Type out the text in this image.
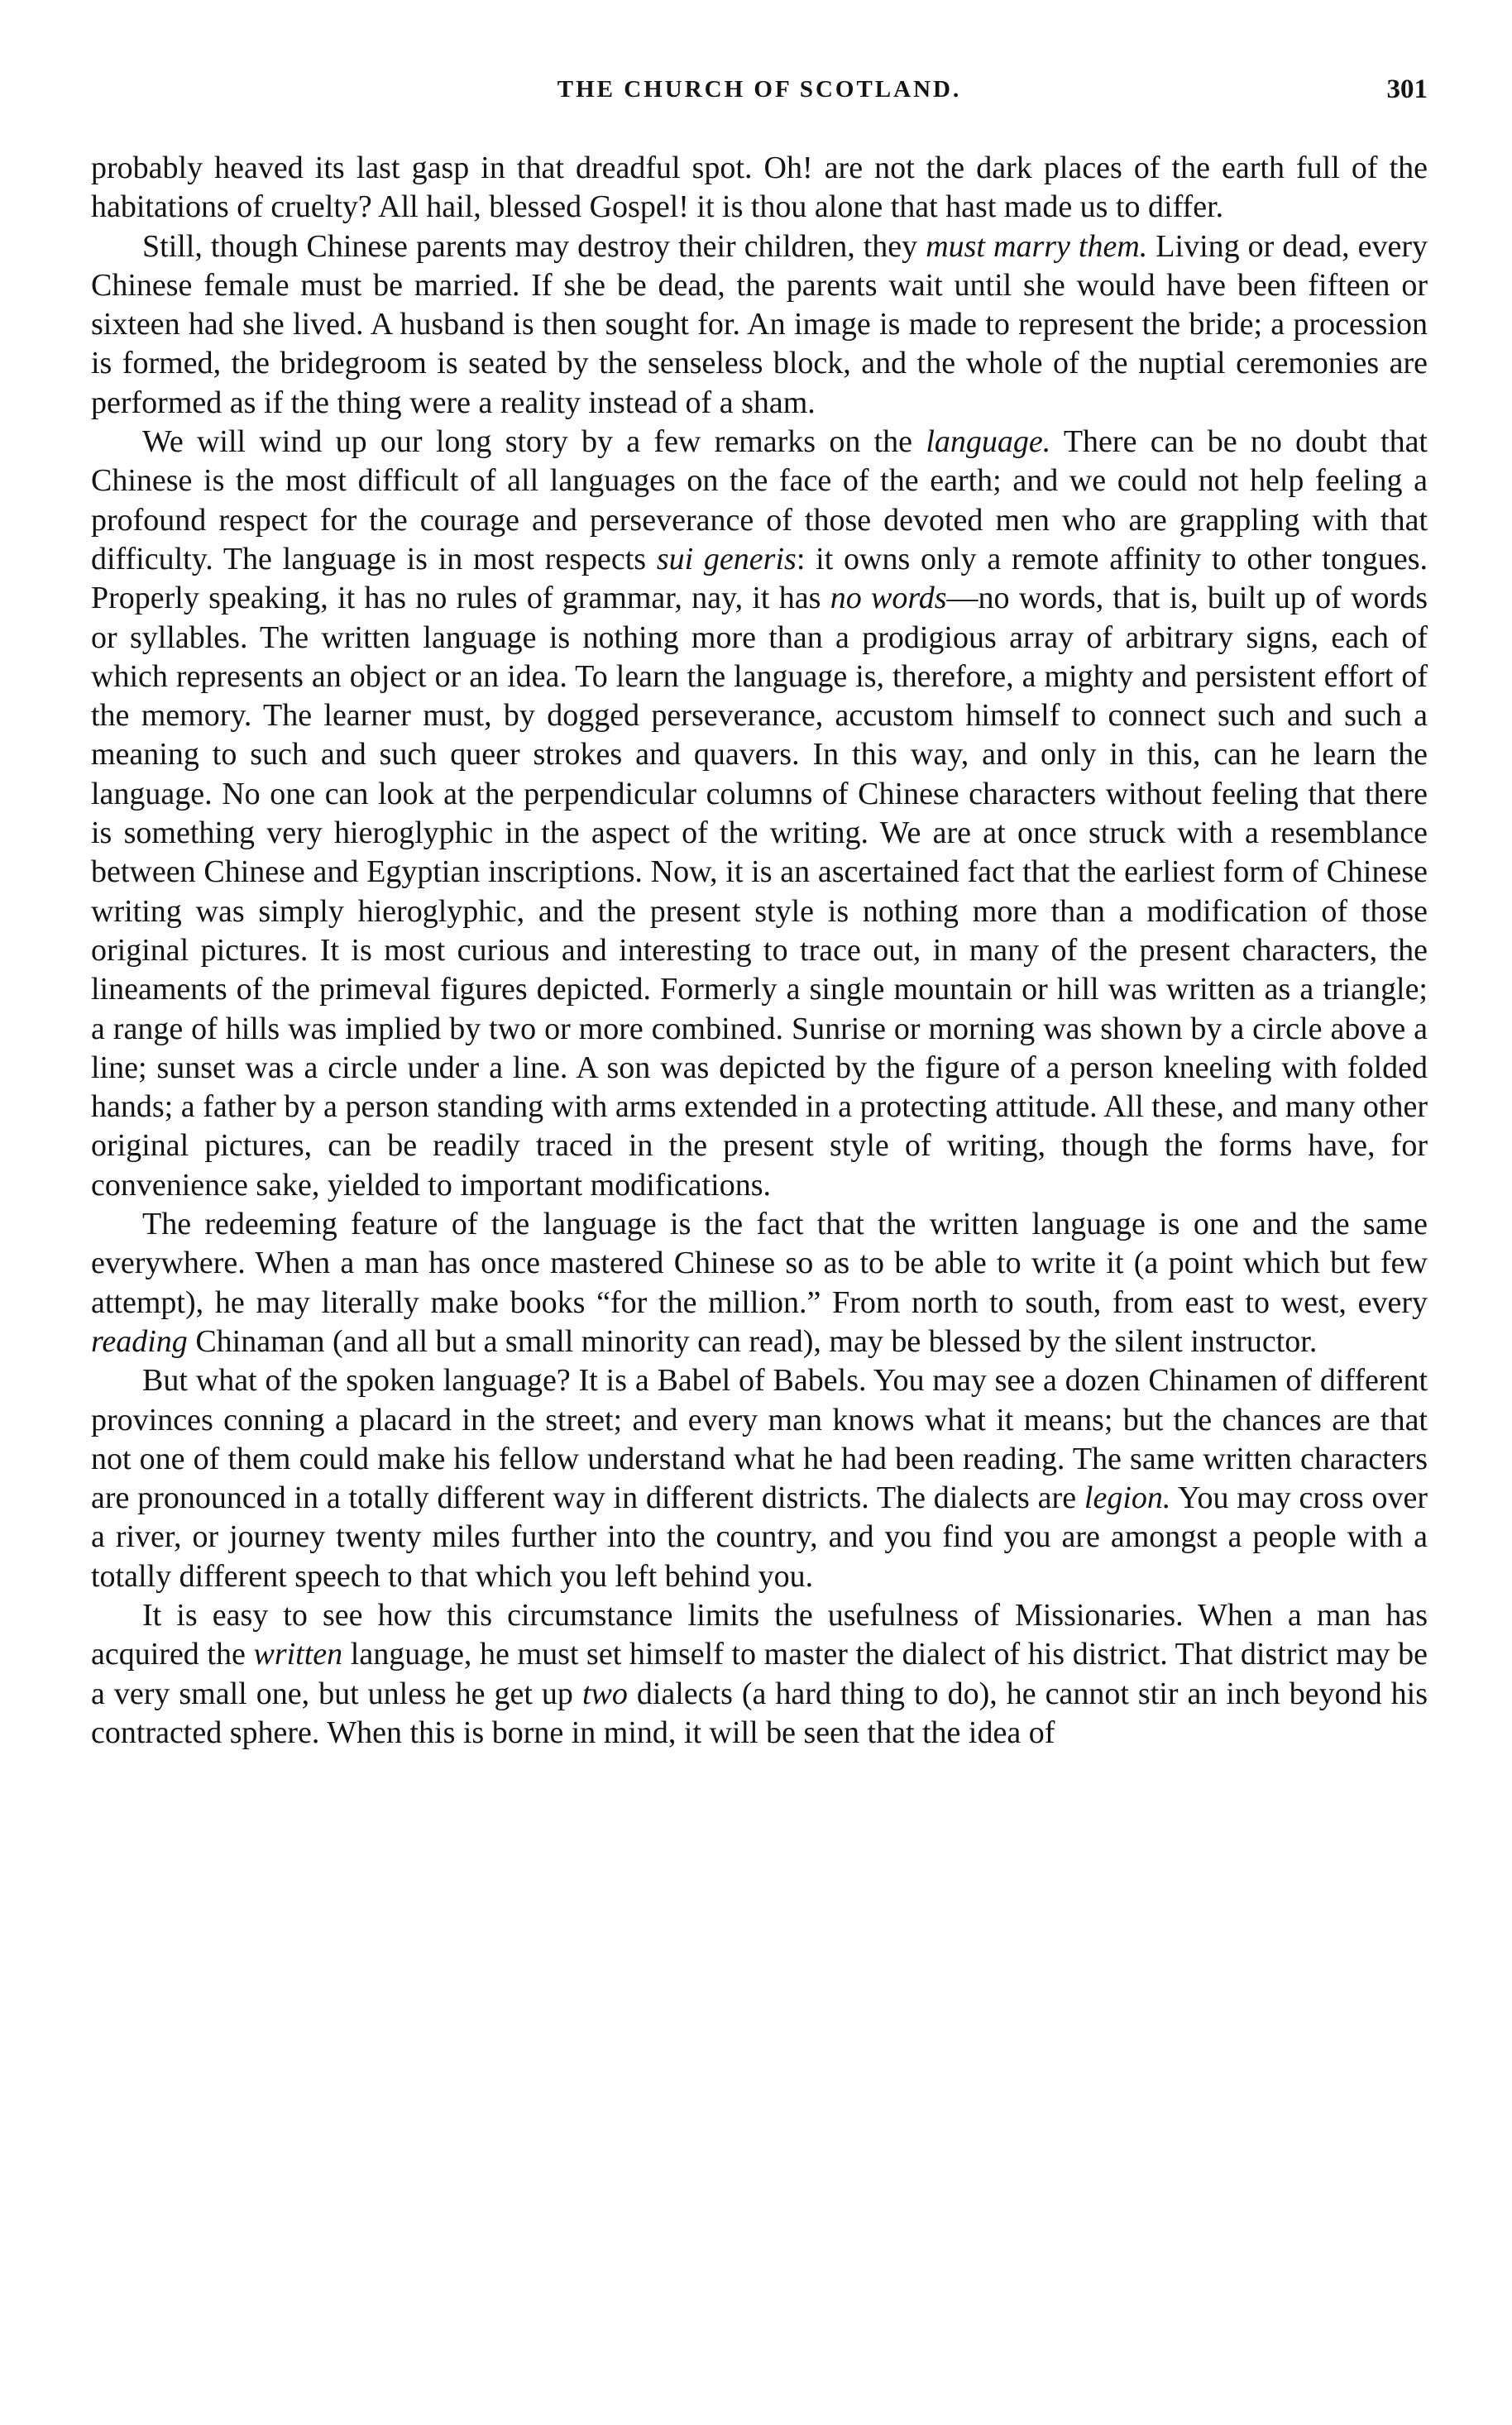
THE CHURCH OF SCOTLAND.	301

probably heaved its last gasp in that dreadful spot. Oh! are not the dark places of the earth full of the habitations of cruelty? All hail, blessed Gospel! it is thou alone that hast made us to differ.

Still, though Chinese parents may destroy their children, they must marry them. Living or dead, every Chinese female must be married. If she be dead, the parents wait until she would have been fifteen or sixteen had she lived. A husband is then sought for. An image is made to represent the bride; a procession is formed, the bridegroom is seated by the senseless block, and the whole of the nuptial ceremonies are performed as if the thing were a reality instead of a sham.

We will wind up our long story by a few remarks on the language. There can be no doubt that Chinese is the most difficult of all languages on the face of the earth; and we could not help feeling a profound respect for the courage and perseverance of those devoted men who are grappling with that difficulty. The language is in most respects sui generis: it owns only a remote affinity to other tongues. Properly speaking, it has no rules of grammar, nay, it has no words—no words, that is, built up of words or syllables. The written language is nothing more than a prodigious array of arbitrary signs, each of which represents an object or an idea. To learn the language is, therefore, a mighty and persistent effort of the memory. The learner must, by dogged perseverance, accustom himself to connect such and such a meaning to such and such queer strokes and quavers. In this way, and only in this, can he learn the language. No one can look at the perpendicular columns of Chinese characters without feeling that there is something very hieroglyphic in the aspect of the writing. We are at once struck with a resemblance between Chinese and Egyptian inscriptions. Now, it is an ascertained fact that the earliest form of Chinese writing was simply hieroglyphic, and the present style is nothing more than a modification of those original pictures. It is most curious and interesting to trace out, in many of the present characters, the lineaments of the primeval figures depicted. Formerly a single mountain or hill was written as a triangle; a range of hills was implied by two or more combined. Sunrise or morning was shown by a circle above a line; sunset was a circle under a line. A son was depicted by the figure of a person kneeling with folded hands; a father by a person standing with arms extended in a protecting attitude. All these, and many other original pictures, can be readily traced in the present style of writing, though the forms have, for convenience sake, yielded to important modifications.

The redeeming feature of the language is the fact that the written language is one and the same everywhere. When a man has once mastered Chinese so as to be able to write it (a point which but few attempt), he may literally make books “for the million.” From north to south, from east to west, every reading Chinaman (and all but a small minority can read), may be blessed by the silent instructor.

But what of the spoken language? It is a Babel of Babels. You may see a dozen Chinamen of different provinces conning a placard in the street; and every man knows what it means; but the chances are that not one of them could make his fellow understand what he had been reading. The same written characters are pronounced in a totally different way in different districts. The dialects are legion. You may cross over a river, or journey twenty miles further into the country, and you find you are amongst a people with a totally different speech to that which you left behind you.

It is easy to see how this circumstance limits the usefulness of Missionaries. When a man has acquired the written language, he must set himself to master the dialect of his district. That district may be a very small one, but unless he get up two dialects (a hard thing to do), he cannot stir an inch beyond his contracted sphere. When this is borne in mind, it will be seen that the idea of
